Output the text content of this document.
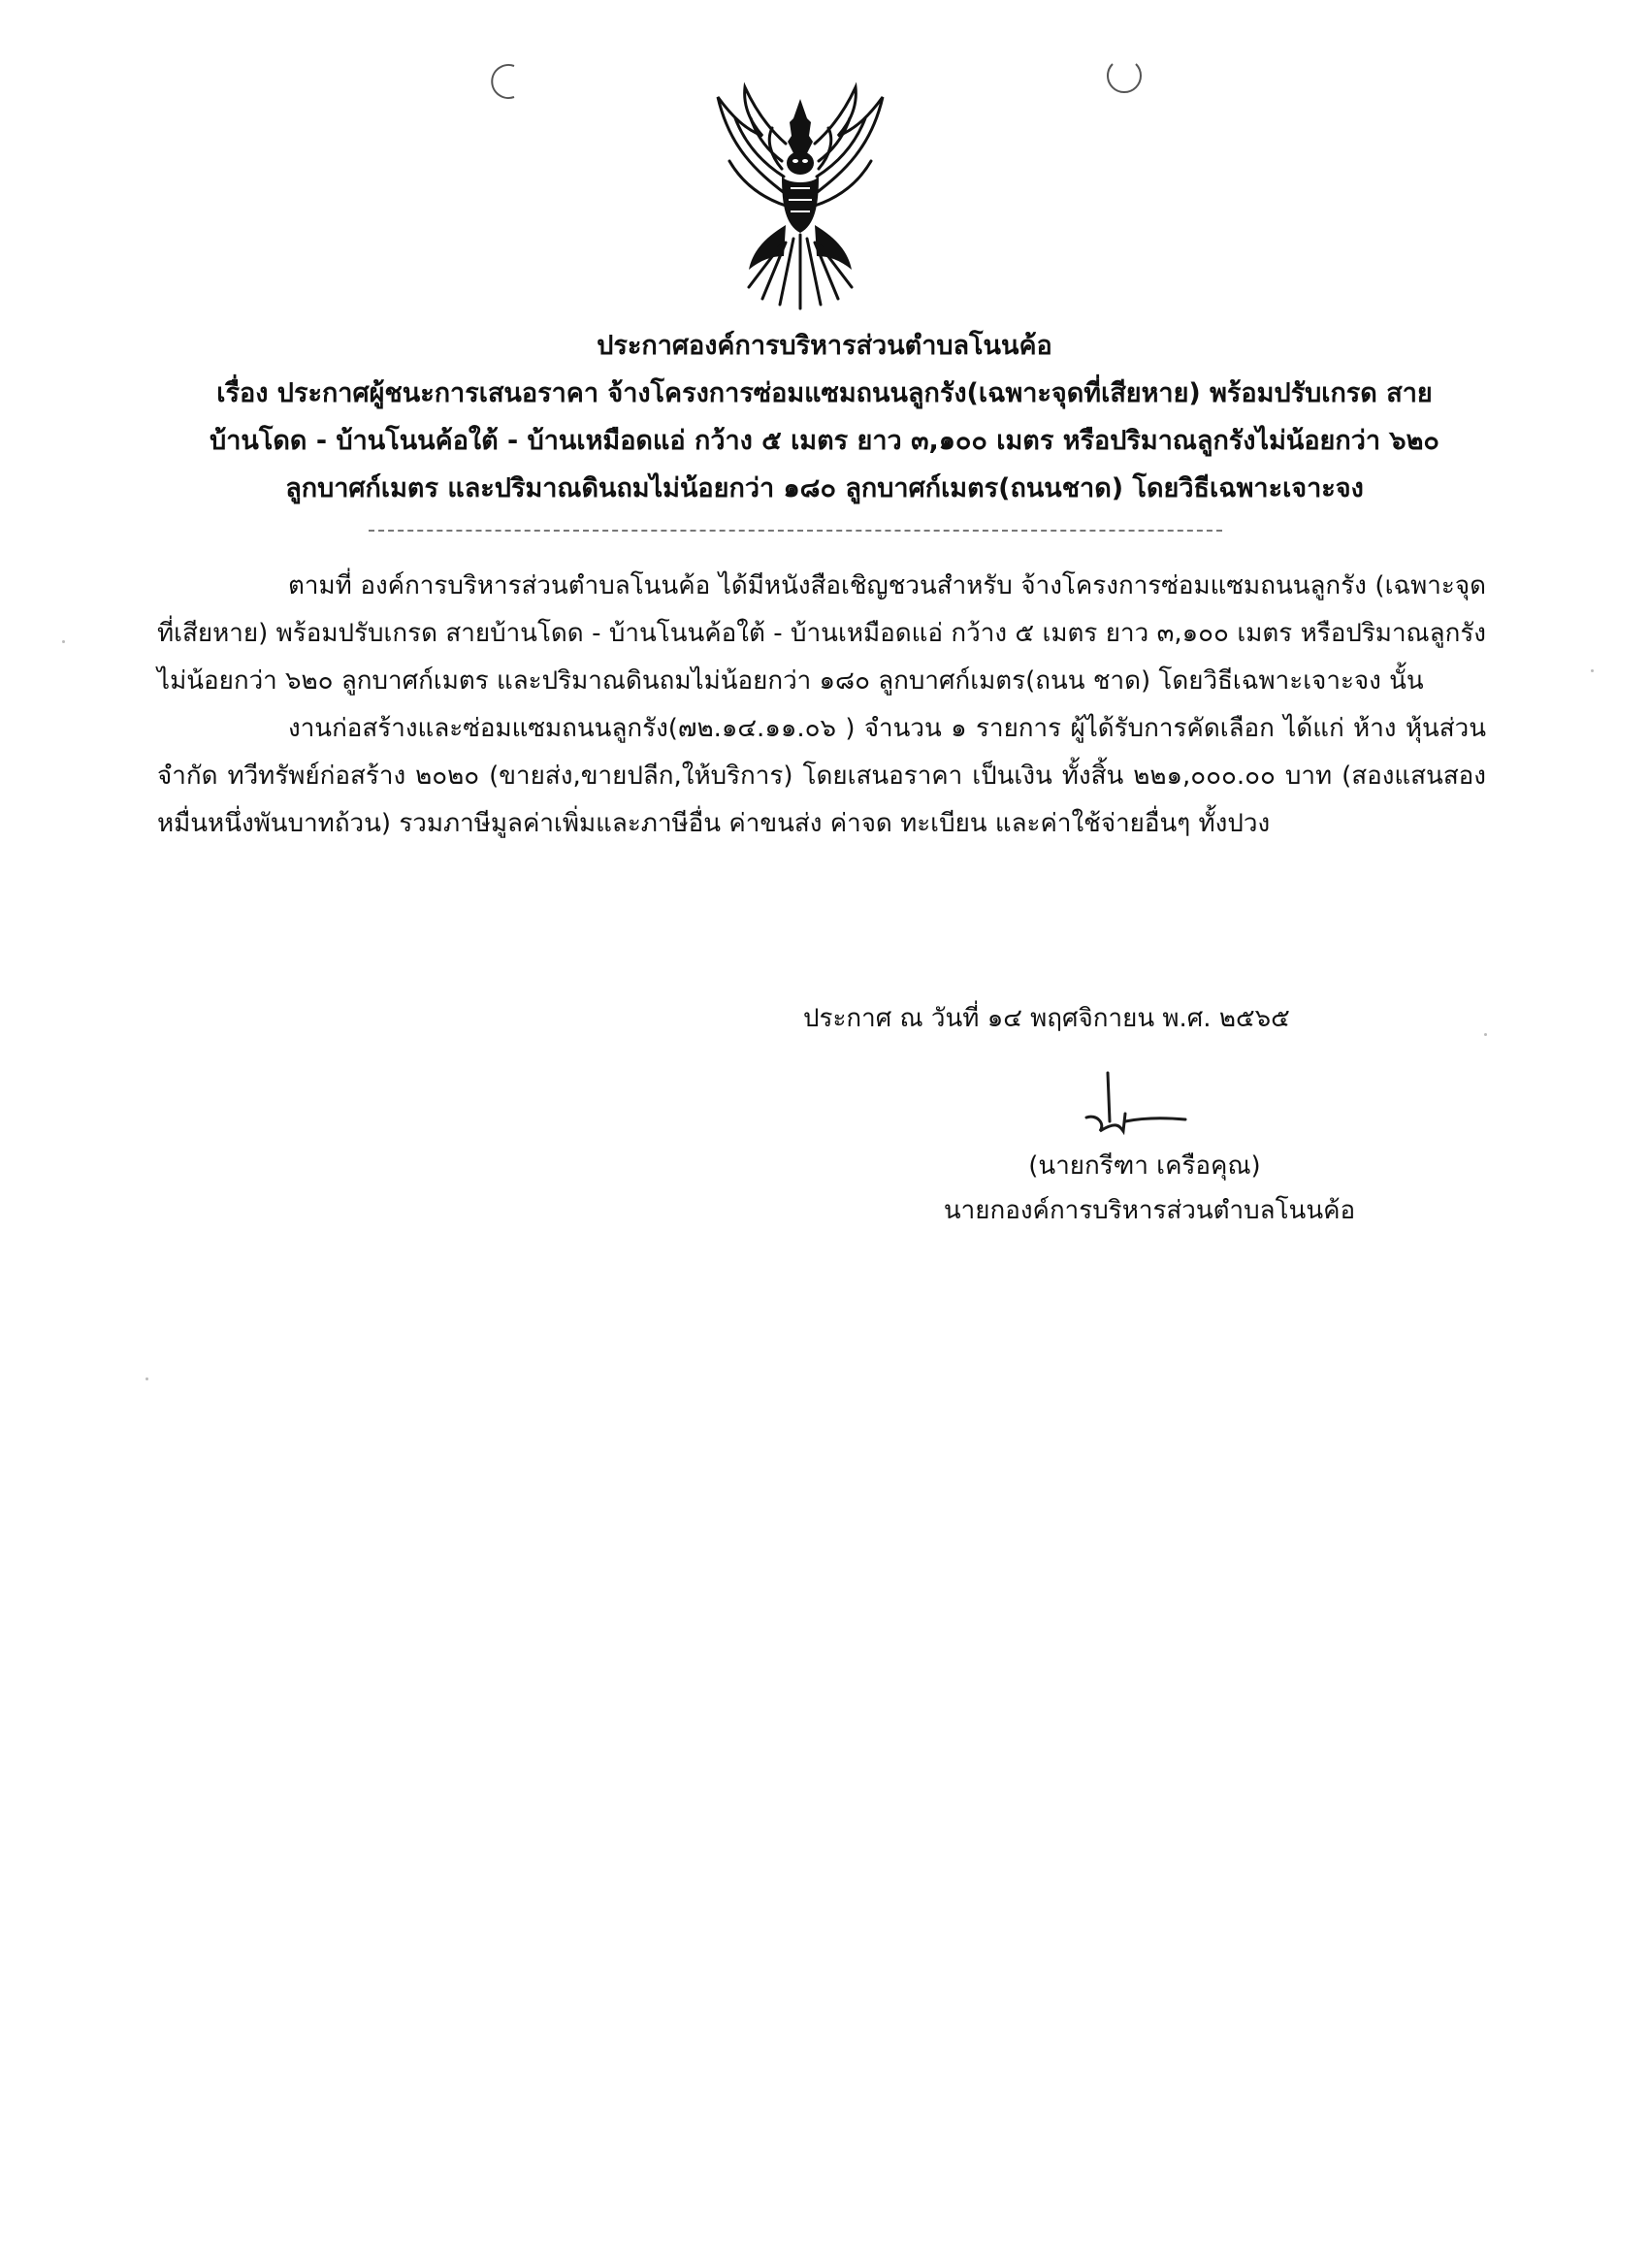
ประกาศองค์การบริหารส่วนตำบลโนนค้อ
เรื่อง ประกาศผู้ชนะการเสนอราคา จ้างโครงการซ่อมแซมถนนลูกรัง(เฉพาะจุดที่เสียหาย) พร้อมปรับเกรด สาย
บ้านโดด - บ้านโนนค้อใต้ - บ้านเหมือดแอ่ กว้าง ๕ เมตร ยาว ๓,๑๐๐ เมตร หรือปริมาณลูกรังไม่น้อยกว่า ๖๒๐
ลูกบาศก์เมตร และปริมาณดินถมไม่น้อยกว่า ๑๘๐ ลูกบาศก์เมตร(ถนนชาด) โดยวิธีเฉพาะเจาะจง

ตามที่ องค์การบริหารส่วนตำบลโนนค้อ ได้มีหนังสือเชิญชวนสำหรับ จ้างโครงการซ่อมแซมถนนลูกรัง (เฉพาะจุดที่เสียหาย) พร้อมปรับเกรด สายบ้านโดด - บ้านโนนค้อใต้ - บ้านเหมือดแอ่ กว้าง ๕ เมตร ยาว ๓,๑๐๐ เมตร หรือปริมาณลูกรังไม่น้อยกว่า ๖๒๐ ลูกบาศก์เมตร และปริมาณดินถมไม่น้อยกว่า ๑๘๐ ลูกบาศก์เมตร(ถนน ชาด) โดยวิธีเฉพาะเจาะจง นั้น

งานก่อสร้างและซ่อมแซมถนนลูกรัง(๗๒.๑๔.๑๑.๐๖ ) จำนวน ๑ รายการ ผู้ได้รับการคัดเลือก ได้แก่ ห้าง หุ้นส่วนจำกัด ทวีทรัพย์ก่อสร้าง ๒๐๒๐ (ขายส่ง,ขายปลีก,ให้บริการ) โดยเสนอราคา เป็นเงิน ทั้งสิ้น ๒๒๑,๐๐๐.๐๐ บาท (สองแสนสองหมื่นหนึ่งพันบาทถ้วน) รวมภาษีมูลค่าเพิ่มและภาษีอื่น ค่าขนส่ง ค่าจด ทะเบียน และค่าใช้จ่ายอื่นๆ ทั้งปวง

ประกาศ ณ วันที่ ๑๔ พฤศจิกายน พ.ศ. ๒๕๖๕
(นายกรีฑา เครือคุณ)
นายกองค์การบริหารส่วนตำบลโนนค้อ
